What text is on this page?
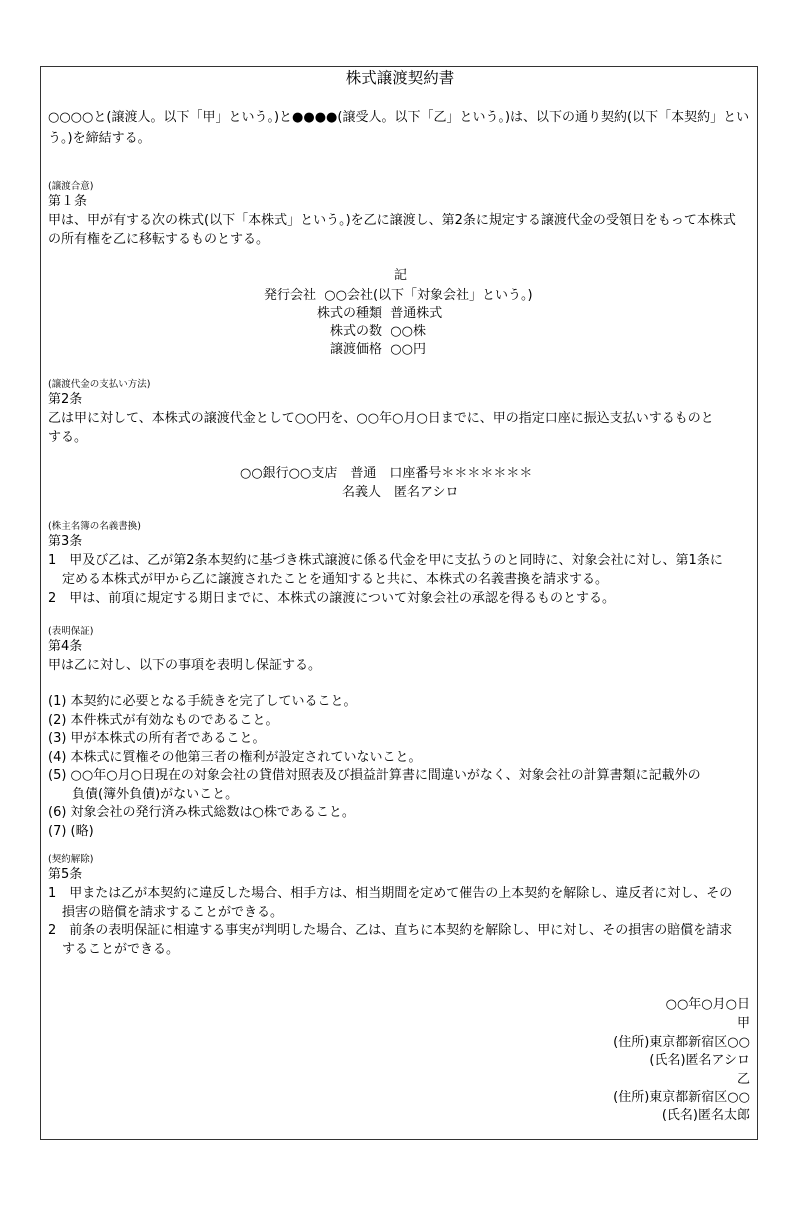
株式譲渡契約書
○○○○と(譲渡人。以下「甲」という。)と●●●●(譲受人。以下「乙」という。)は、以下の通り契約(以下「本契約」とい
う。)を締結する。
(譲渡合意)
第１条
甲は、甲が有する次の株式(以下「本株式」という。)を乙に譲渡し、第2条に規定する譲渡代金の受領日をもって本株式
の所有権を乙に移転するものとする。
記
発行会社 ○○会社(以下「対象会社」という。)
株式の種類 普通株式
株式の数 ○○株
譲渡価格 ○○円
(譲渡代金の支払い方法)
第2条
乙は甲に対して、本株式の譲渡代金として○○円を、○○年○月○日までに、甲の指定口座に振込支払いするものと
する。
○○銀行○○支店　普通　口座番号＊＊＊＊＊＊＊
名義人　匿名アシロ
(株主名簿の名義書換)
第3条
1　甲及び乙は、乙が第2条本契約に基づき株式譲渡に係る代金を甲に支払うのと同時に、対象会社に対し、第1条に
定める本株式が甲から乙に譲渡されたことを通知すると共に、本株式の名義書換を請求する。
2　甲は、前項に規定する期日までに、本株式の譲渡について対象会社の承認を得るものとする。
(表明保証)
第4条
甲は乙に対し、以下の事項を表明し保証する。
(1) 本契約に必要となる手続きを完了していること。
(2) 本件株式が有効なものであること。
(3) 甲が本株式の所有者であること。
(4) 本株式に質権その他第三者の権利が設定されていないこと。
(5) ○○年○月○日現在の対象会社の貸借対照表及び損益計算書に間違いがなく、対象会社の計算書類に記載外の
負債(簿外負債)がないこと。
(6) 対象会社の発行済み株式総数は○株であること。
(7) (略)
(契約解除)
第5条
1　甲または乙が本契約に違反した場合、相手方は、相当期間を定めて催告の上本契約を解除し、違反者に対し、その
損害の賠償を請求することができる。
2　前条の表明保証に相違する事実が判明した場合、乙は、直ちに本契約を解除し、甲に対し、その損害の賠償を請求
することができる。
○○年○月○日
甲
(住所)東京都新宿区○○
(氏名)匿名アシロ
乙
(住所)東京都新宿区○○
(氏名)匿名太郎
